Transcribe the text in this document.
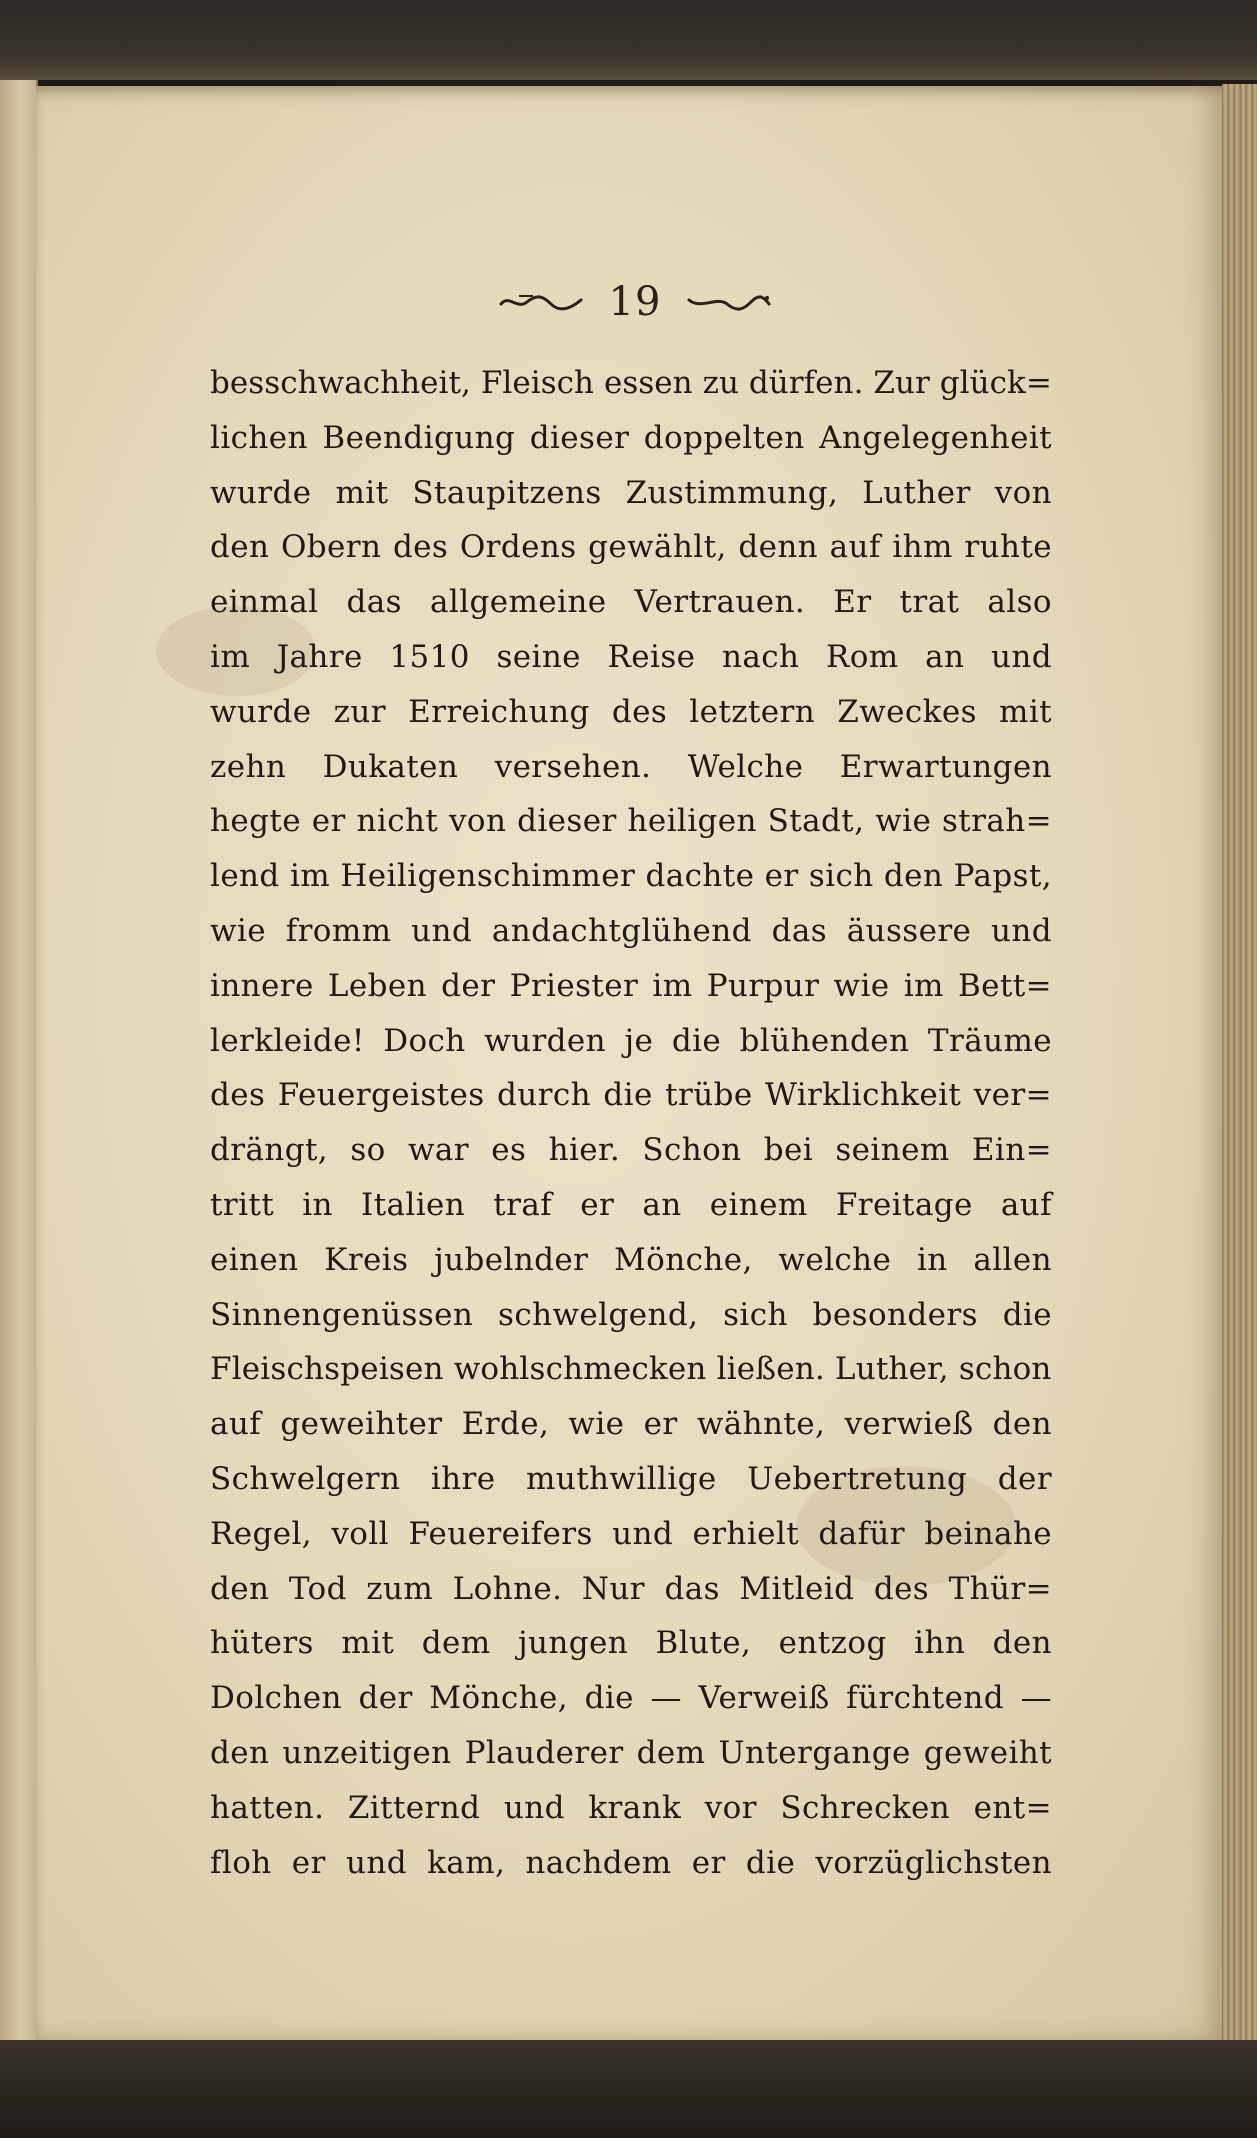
19
besschwachheit, Fleisch essen zu dürfen. Zur glück=
lichen Beendigung dieser doppelten Angelegenheit
wurde mit Staupitzens Zustimmung, Luther von
den Obern des Ordens gewählt, denn auf ihm ruhte
einmal das allgemeine Vertrauen. Er trat also
im Jahre 1510 seine Reise nach Rom an und
wurde zur Erreichung des letztern Zweckes mit
zehn Dukaten versehen. Welche Erwartungen
hegte er nicht von dieser heiligen Stadt, wie strah=
lend im Heiligenschimmer dachte er sich den Papst,
wie fromm und andachtglühend das äussere und
innere Leben der Priester im Purpur wie im Bett=
lerkleide! Doch wurden je die blühenden Träume
des Feuergeistes durch die trübe Wirklichkeit ver=
drängt, so war es hier. Schon bei seinem Ein=
tritt in Italien traf er an einem Freitage auf
einen Kreis jubelnder Mönche, welche in allen
Sinnengenüssen schwelgend, sich besonders die
Fleischspeisen wohlschmecken ließen. Luther, schon
auf geweihter Erde, wie er wähnte, verwieß den
Schwelgern ihre muthwillige Uebertretung der
Regel, voll Feuereifers und erhielt dafür beinahe
den Tod zum Lohne. Nur das Mitleid des Thür=
hüters mit dem jungen Blute, entzog ihn den
Dolchen der Mönche, die — Verweiß fürchtend —
den unzeitigen Plauderer dem Untergange geweiht
hatten. Zitternd und krank vor Schrecken ent=
floh er und kam, nachdem er die vorzüglichsten
